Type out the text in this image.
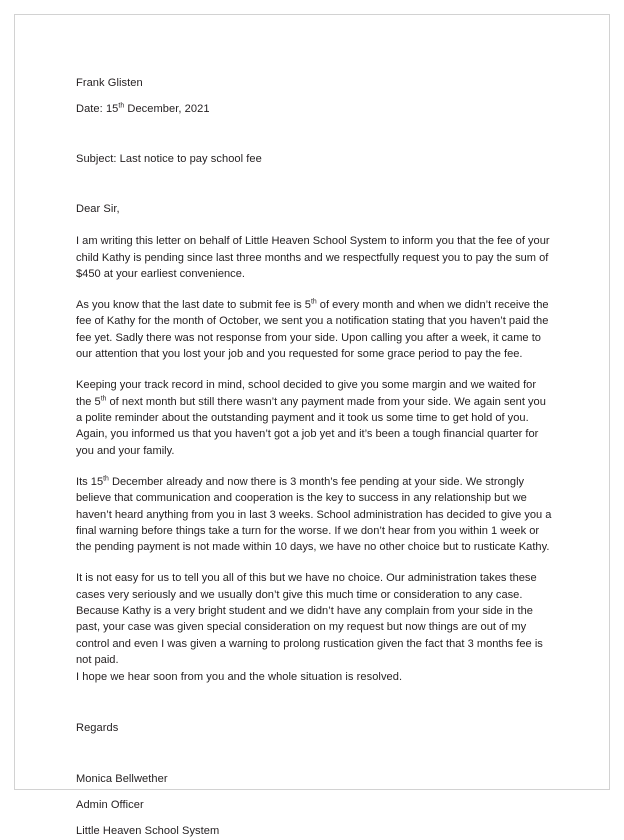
Frank Glisten
Date: 15th December, 2021
Subject: Last notice to pay school fee
Dear Sir,

I am writing this letter on behalf of Little Heaven School System to inform you that the fee of your child Kathy is pending since last three months and we respectfully request you to pay the sum of $450 at your earliest convenience.

As you know that the last date to submit fee is 5th of every month and when we didn’t receive the fee of Kathy for the month of October, we sent you a notification stating that you haven’t paid the fee yet. Sadly there was not response from your side. Upon calling you after a week, it came to our attention that you lost your job and you requested for some grace period to pay the fee.

Keeping your track record in mind, school decided to give you some margin and we waited for the 5th of next month but still there wasn’t any payment made from your side. We again sent you a polite reminder about the outstanding payment and it took us some time to get hold of you. Again, you informed us that you haven’t got a job yet and it’s been a tough financial quarter for you and your family.

Its 15th December already and now there is 3 month’s fee pending at your side. We strongly believe that communication and cooperation is the key to success in any relationship but we haven’t heard anything from you in last 3 weeks. School administration has decided to give you a final warning before things take a turn for the worse. If we don’t hear from you within 1 week or the pending payment is not made within 10 days, we have no other choice but to rusticate Kathy.

It is not easy for us to tell you all of this but we have no choice. Our administration takes these cases very seriously and we usually don’t give this much time or consideration to any case. Because Kathy is a very bright student and we didn’t have any complain from your side in the past, your case was given special consideration on my request but now things are out of my control and even I was given a warning to prolong rustication given the fact that 3 months fee is not paid.

I hope we hear soon from you and the whole situation is resolved.
Regards
Monica Bellwether
Admin Officer
Little Heaven School System
